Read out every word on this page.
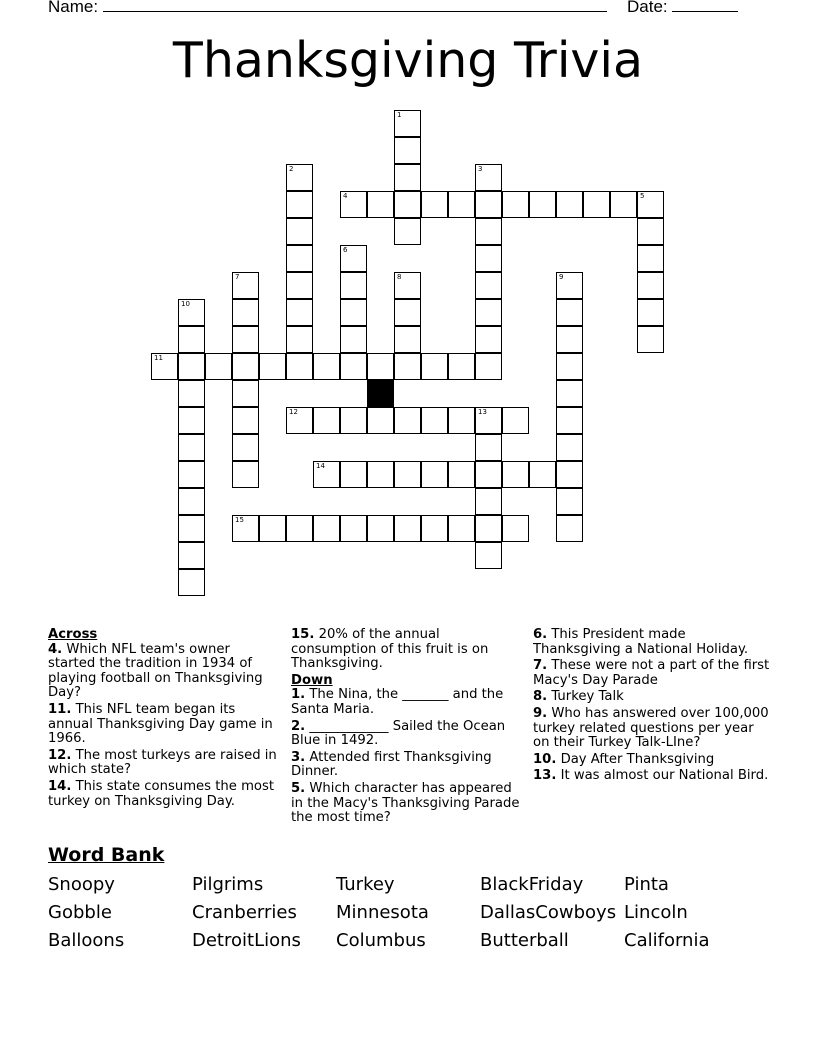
Name:	Date:
Thanksgiving Trivia
1
2	3
4	5
6
7	8	9
10
11
12	13
14
15
Across
4. Which NFL team's owner started the tradition in 1934 of playing football on Thanksgiving Day?
11. This NFL team began its annual Thanksgiving Day game in 1966.
12. The most turkeys are raised in which state?
14. This state consumes the most turkey on Thanksgiving Day.
15. 20% of the annual consumption of this fruit is on Thanksgiving.
Down
1. The Nina, the _______ and the Santa Maria.
2. ____________ Sailed the Ocean Blue in 1492.
3. Attended first Thanksgiving Dinner.
5. Which character has appeared in the Macy's Thanksgiving Parade the most time?
6. This President made Thanksgiving a National Holiday.
7. These were not a part of the first Macy's Day Parade
8. Turkey Talk
9. Who has answered over 100,000 turkey related questions per year on their Turkey Talk-LIne?
10. Day After Thanksgiving
13. It was almost our National Bird.
Word Bank
Snoopy	Pilgrims	Turkey	BlackFriday Pinta
Gobble	Cranberries Minnesota	DallasCowboys Lincoln
Balloons	DetroitLions Columbus	Butterball	California
